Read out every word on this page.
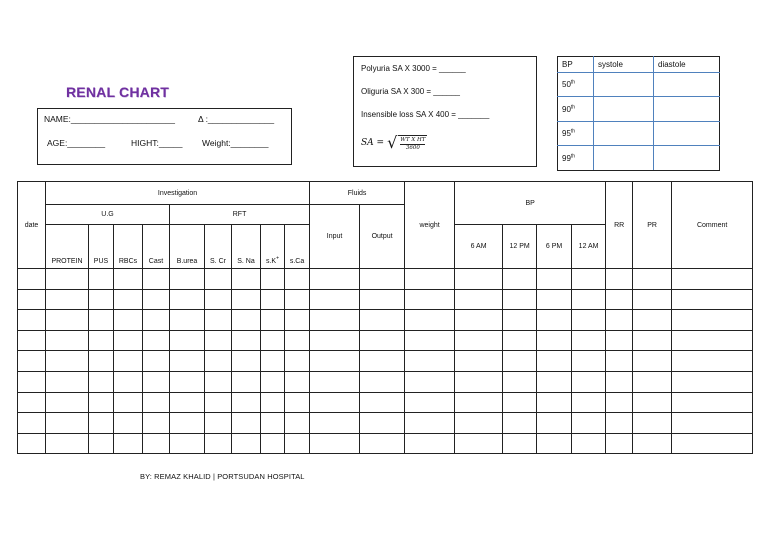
RENAL CHART
NAME:______________________	Δ :______________
AGE:________	HIGHT:_____ Weight:________
Polyuria SA X 3000 = ______
Oliguria SA X 300 = ______
Insensible loss SA X 400 = _______
SA = √ $\frac{\text{WT X HT}}{3600}$
BP	systole	diastole
50th		
90th		
95th		
99th		
date	Investigation									Fluids		weight	BP				RR	PR	Comment
	U.G				RFT					Input	Output								
	PROTEIN	PUS	RBCs	Cast	B.urea	S. Cr	S. Na	s.K+	s.Ca				6 AM	12 PM	6 PM	12 AM			

BY: REMAZ KHALID | PORTSUDAN HOSPITAL
